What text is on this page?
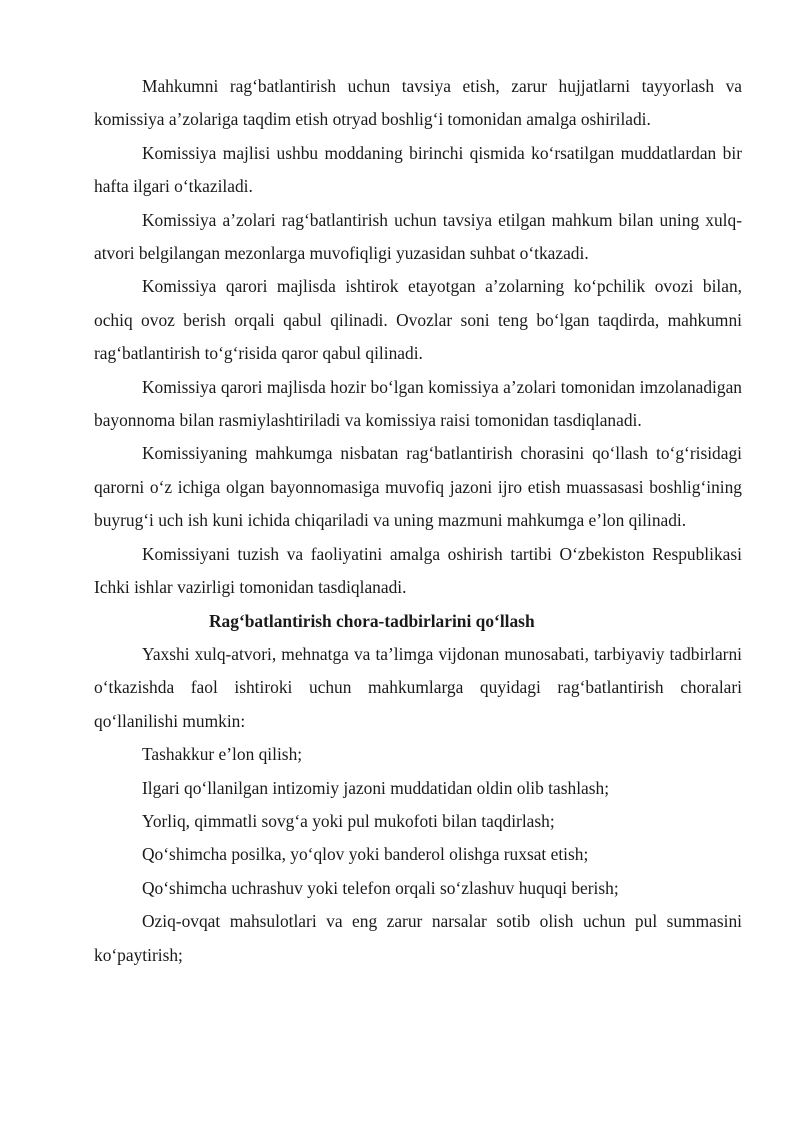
Mahkumni rag‘batlantirish uchun tavsiya etish, zarur hujjatlarni tayyorlash va komissiya a’zolariga taqdim etish otryad boshlig‘i tomonidan amalga oshiriladi.

Komissiya majlisi ushbu moddaning birinchi qismida ko‘rsatilgan muddatlardan bir hafta ilgari o‘tkaziladi.

Komissiya a’zolari rag‘batlantirish uchun tavsiya etilgan mahkum bilan uning xulq-atvori belgilangan mezonlarga muvofiqligi yuzasidan suhbat o‘tkazadi.

Komissiya qarori majlisda ishtirok etayotgan a’zolarning ko‘pchilik ovozi bilan, ochiq ovoz berish orqali qabul qilinadi. Ovozlar soni teng bo‘lgan taqdirda, mahkumni rag‘batlantirish to‘g‘risida qaror qabul qilinadi.

Komissiya qarori majlisda hozir bo‘lgan komissiya a’zolari tomonidan imzolanadigan bayonnoma bilan rasmiylashtiriladi va komissiya raisi tomonidan tasdiqlanadi.

Komissiyaning mahkumga nisbatan rag‘batlantirish chorasini qo‘llash to‘g‘risidagi qarorni o‘z ichiga olgan bayonnomasiga muvofiq jazoni ijro etish muassasasi boshlig‘ining buyrug‘i uch ish kuni ichida chiqariladi va uning mazmuni mahkumga e’lon qilinadi.

Komissiyani tuzish va faoliyatini amalga oshirish tartibi O‘zbekiston Respublikasi Ichki ishlar vazirligi tomonidan tasdiqlanadi.

Rag‘batlantirish chora-tadbirlarini qo‘llash

Yaxshi xulq-atvori, mehnatga va ta’limga vijdonan munosabati, tarbiyaviy tadbirlarni o‘tkazishda faol ishtiroki uchun mahkumlarga quyidagi rag‘batlantirish choralari qo‘llanilishi mumkin:

Tashakkur e’lon qilish;

Ilgari qo‘llanilgan intizomiy jazoni muddatidan oldin olib tashlash;

Yorliq, qimmatli sovg‘a yoki pul mukofoti bilan taqdirlash;

Qo‘shimcha posilka, yo‘qlov yoki banderol olishga ruxsat etish;

Qo‘shimcha uchrashuv yoki telefon orqali so‘zlashuv huquqi berish;

Oziq-ovqat mahsulotlari va eng zarur narsalar sotib olish uchun pul summasini ko‘paytirish;
